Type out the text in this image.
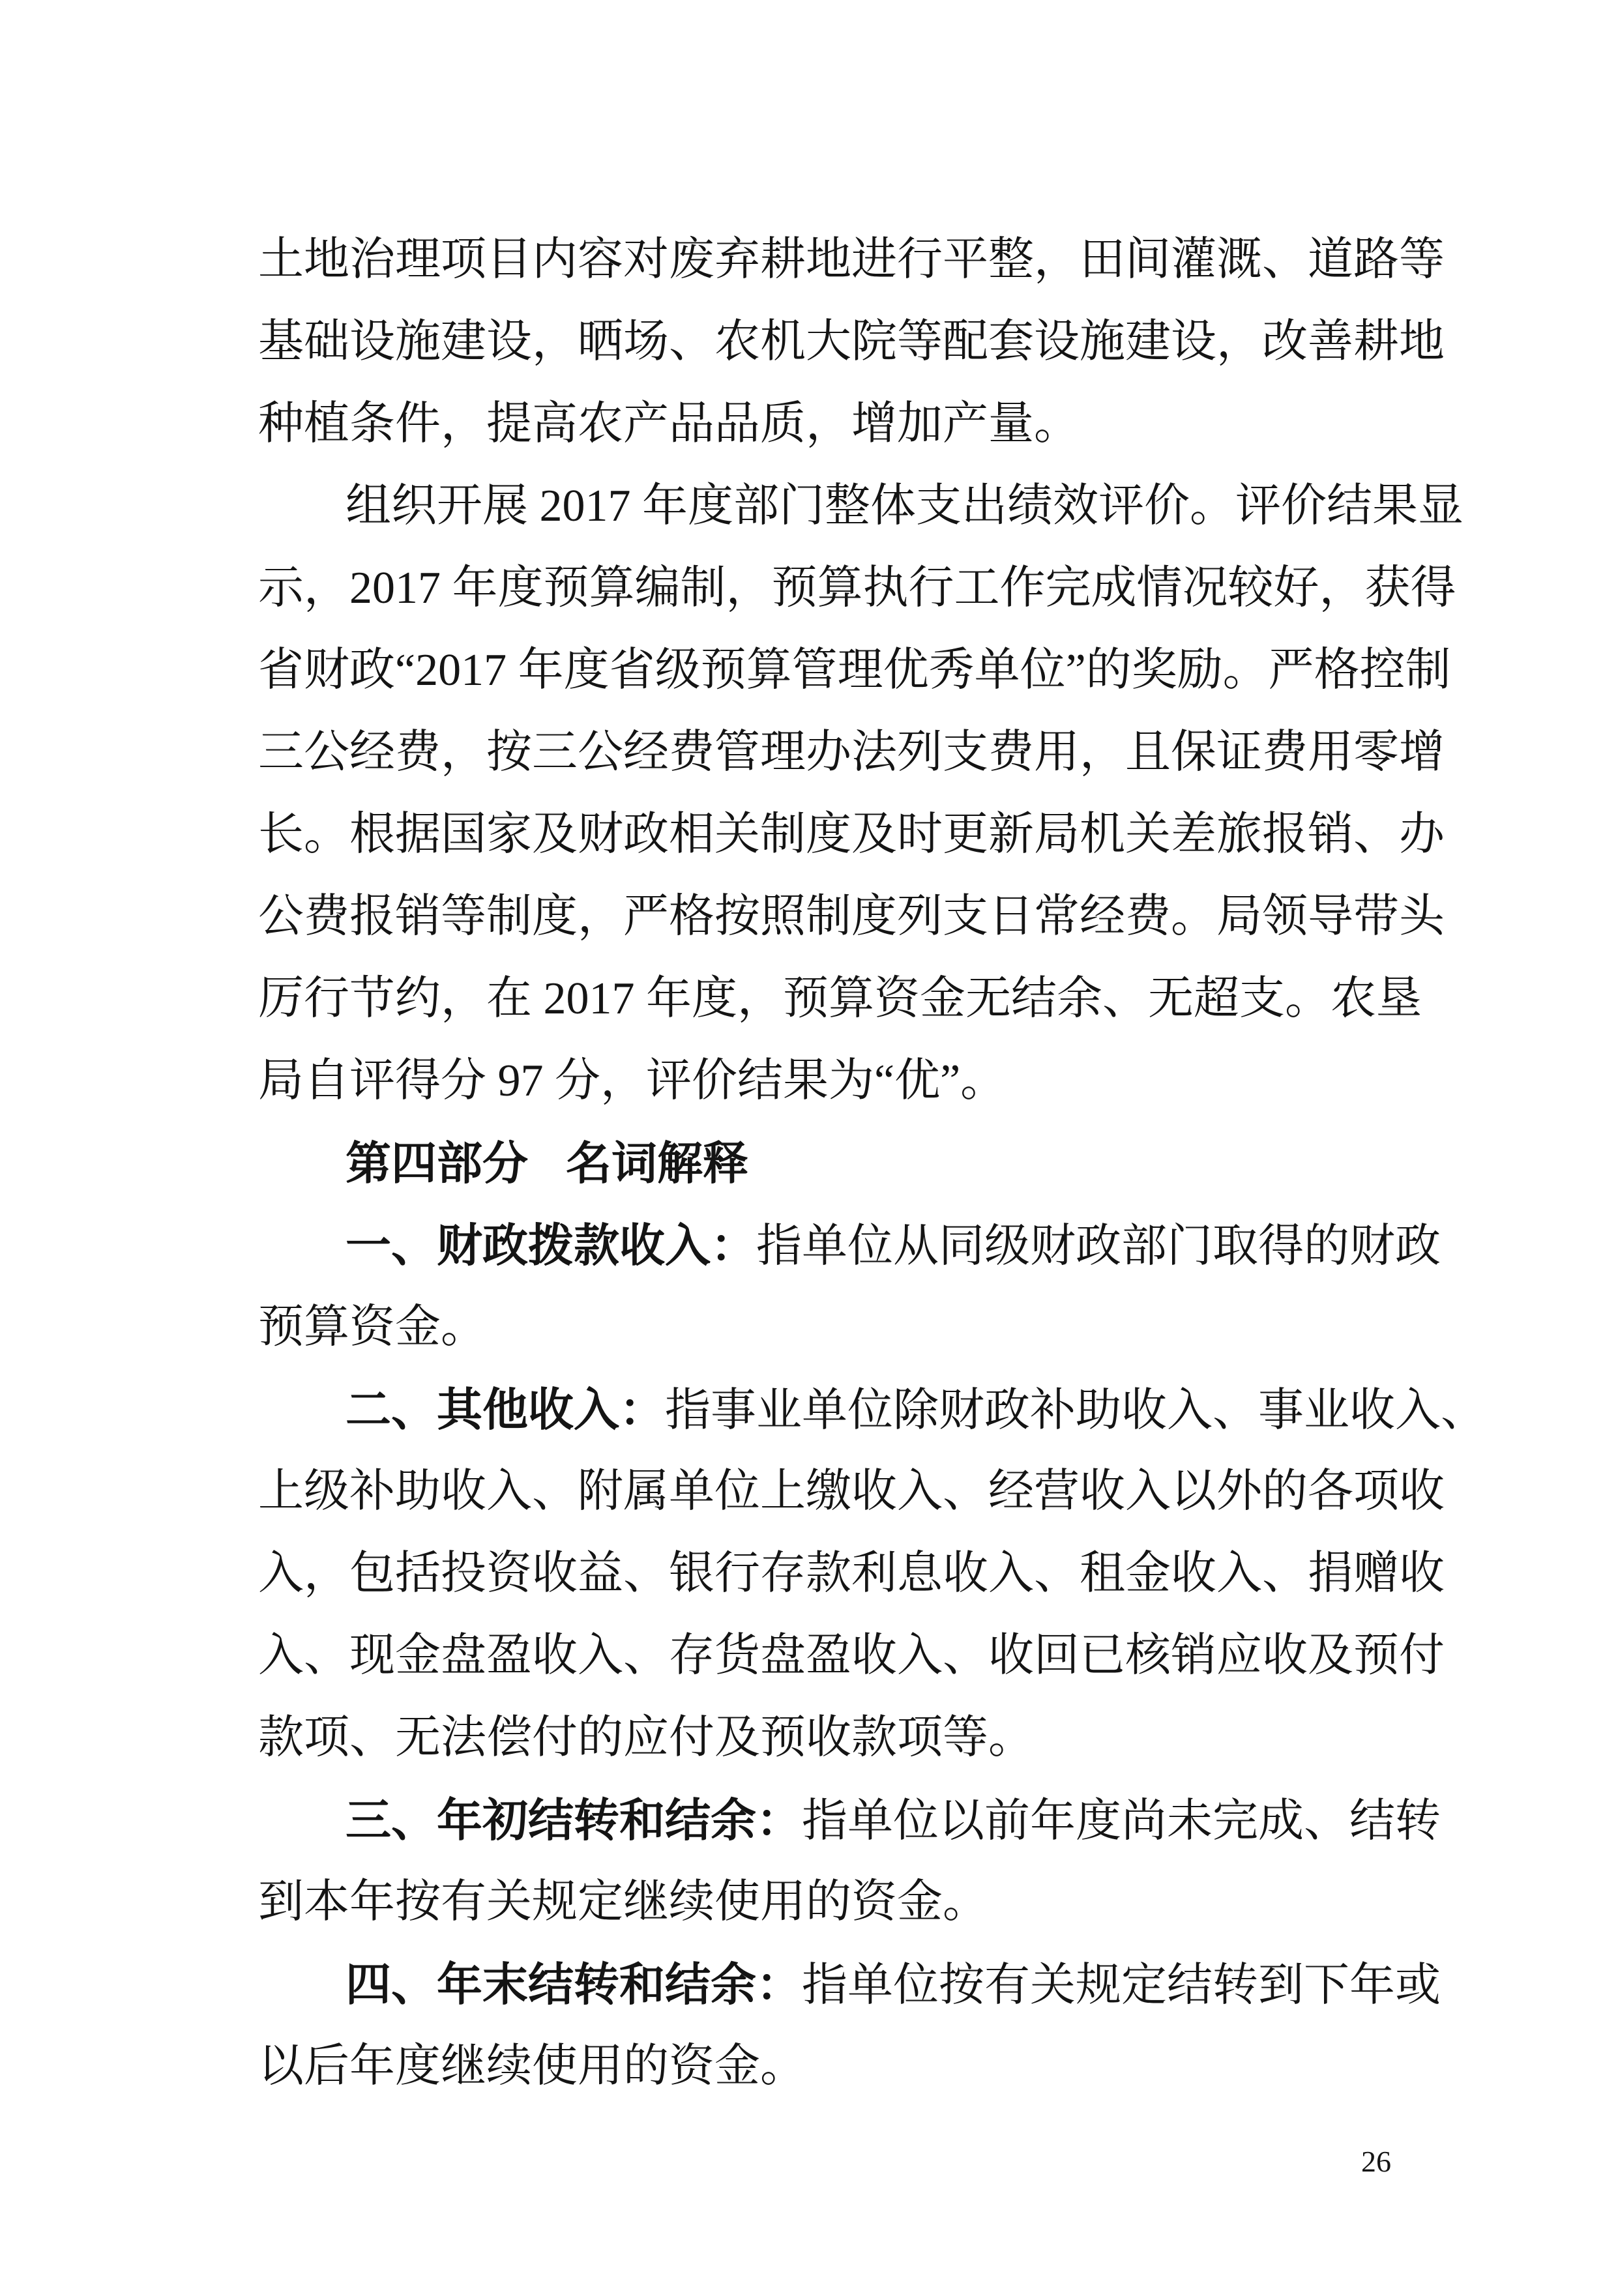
土地治理项目内容对废弃耕地进行平整，田间灌溉、道路等
基础设施建设，晒场、农机大院等配套设施建设，改善耕地
种植条件，提高农产品品质，增加产量。
组织开展 2017 年度部门整体支出绩效评价。评价结果显
示，2017 年度预算编制，预算执行工作完成情况较好，获得
省财政“2017 年度省级预算管理优秀单位”的奖励。严格控制
三公经费，按三公经费管理办法列支费用，且保证费用零增
长。根据国家及财政相关制度及时更新局机关差旅报销、办
公费报销等制度，严格按照制度列支日常经费。局领导带头
厉行节约，在 2017 年度，预算资金无结余、无超支。农垦
局自评得分 97 分，评价结果为“优”。
第四部分 名词解释
一、财政拨款收入：指单位从同级财政部门取得的财政
预算资金。
二、其他收入：指事业单位除财政补助收入、事业收入、
上级补助收入、附属单位上缴收入、经营收入以外的各项收
入，包括投资收益、银行存款利息收入、租金收入、捐赠收
入、现金盘盈收入、存货盘盈收入、收回已核销应收及预付
款项、无法偿付的应付及预收款项等。
三、年初结转和结余：指单位以前年度尚未完成、结转
到本年按有关规定继续使用的资金。
四、年末结转和结余：指单位按有关规定结转到下年或
以后年度继续使用的资金。
26
